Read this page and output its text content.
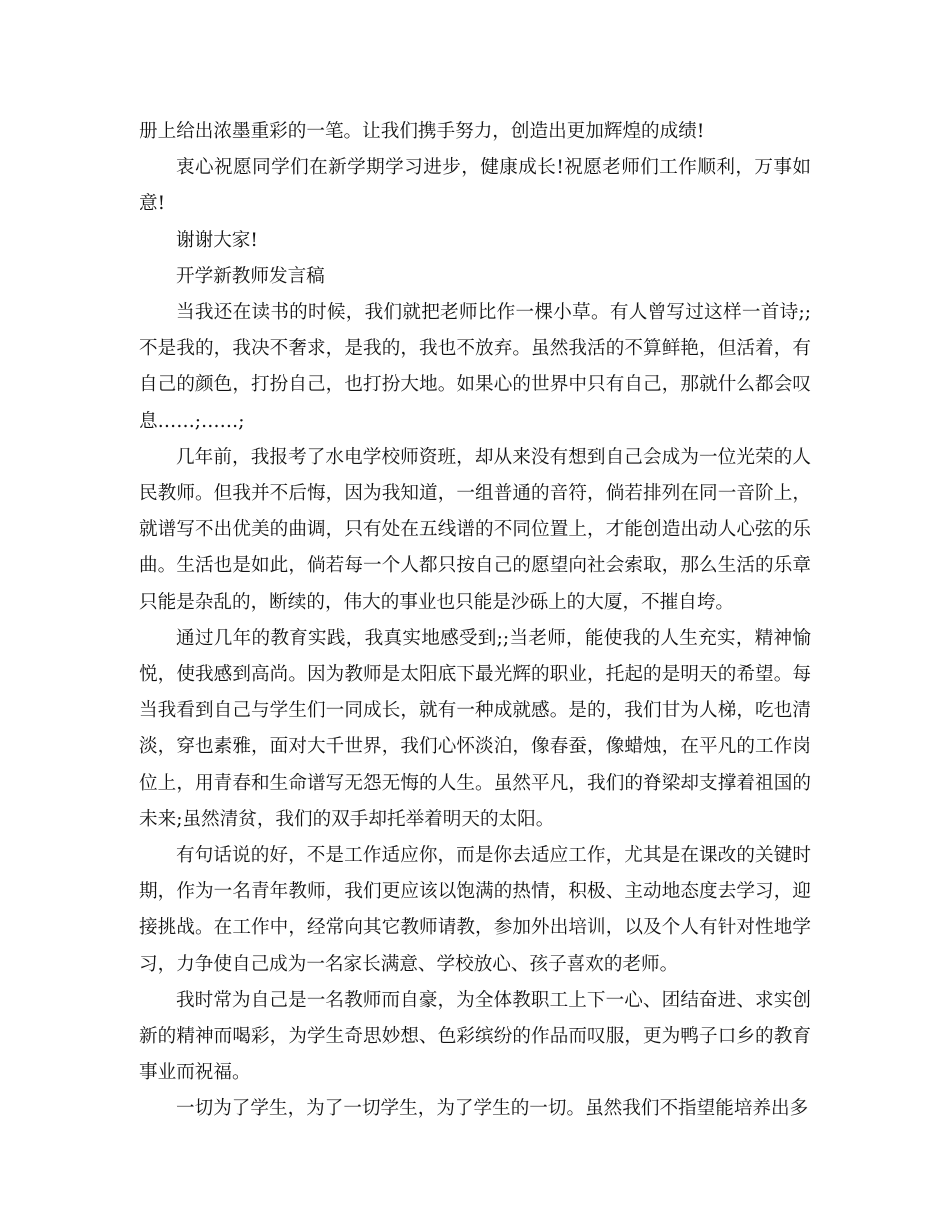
册上给出浓墨重彩的一笔。让我们携手努力，创造出更加辉煌的成绩!

衷心祝愿同学们在新学期学习进步，健康成长!祝愿老师们工作顺利，万事如意!

谢谢大家!

开学新教师发言稿

当我还在读书的时候，我们就把老师比作一棵小草。有人曾写过这样一首诗;;不是我的，我决不奢求，是我的，我也不放弃。虽然我活的不算鲜艳，但活着，有自己的颜色，打扮自己，也打扮大地。如果心的世界中只有自己，那就什么都会叹息……;……;

几年前，我报考了水电学校师资班，却从来没有想到自己会成为一位光荣的人民教师。但我并不后悔，因为我知道，一组普通的音符，倘若排列在同一音阶上，就谱写不出优美的曲调，只有处在五线谱的不同位置上，才能创造出动人心弦的乐曲。生活也是如此，倘若每一个人都只按自己的愿望向社会索取，那么生活的乐章只能是杂乱的，断续的，伟大的事业也只能是沙砾上的大厦，不摧自垮。

通过几年的教育实践，我真实地感受到;;当老师，能使我的人生充实，精神愉悦，使我感到高尚。因为教师是太阳底下最光辉的职业，托起的是明天的希望。每当我看到自己与学生们一同成长，就有一种成就感。是的，我们甘为人梯，吃也清淡，穿也素雅，面对大千世界，我们心怀淡泊，像春蚕，像蜡烛，在平凡的工作岗位上，用青春和生命谱写无怨无悔的人生。虽然平凡，我们的脊梁却支撑着祖国的未来;虽然清贫，我们的双手却托举着明天的太阳。

有句话说的好，不是工作适应你，而是你去适应工作，尤其是在课改的关键时期，作为一名青年教师，我们更应该以饱满的热情，积极、主动地态度去学习，迎接挑战。在工作中，经常向其它教师请教，参加外出培训，以及个人有针对性地学习，力争使自己成为一名家长满意、学校放心、孩子喜欢的老师。

我时常为自己是一名教师而自豪，为全体教职工上下一心、团结奋进、求实创新的精神而喝彩，为学生奇思妙想、色彩缤纷的作品而叹服，更为鸭子口乡的教育事业而祝福。

一切为了学生，为了一切学生，为了学生的一切。虽然我们不指望能培养出多
